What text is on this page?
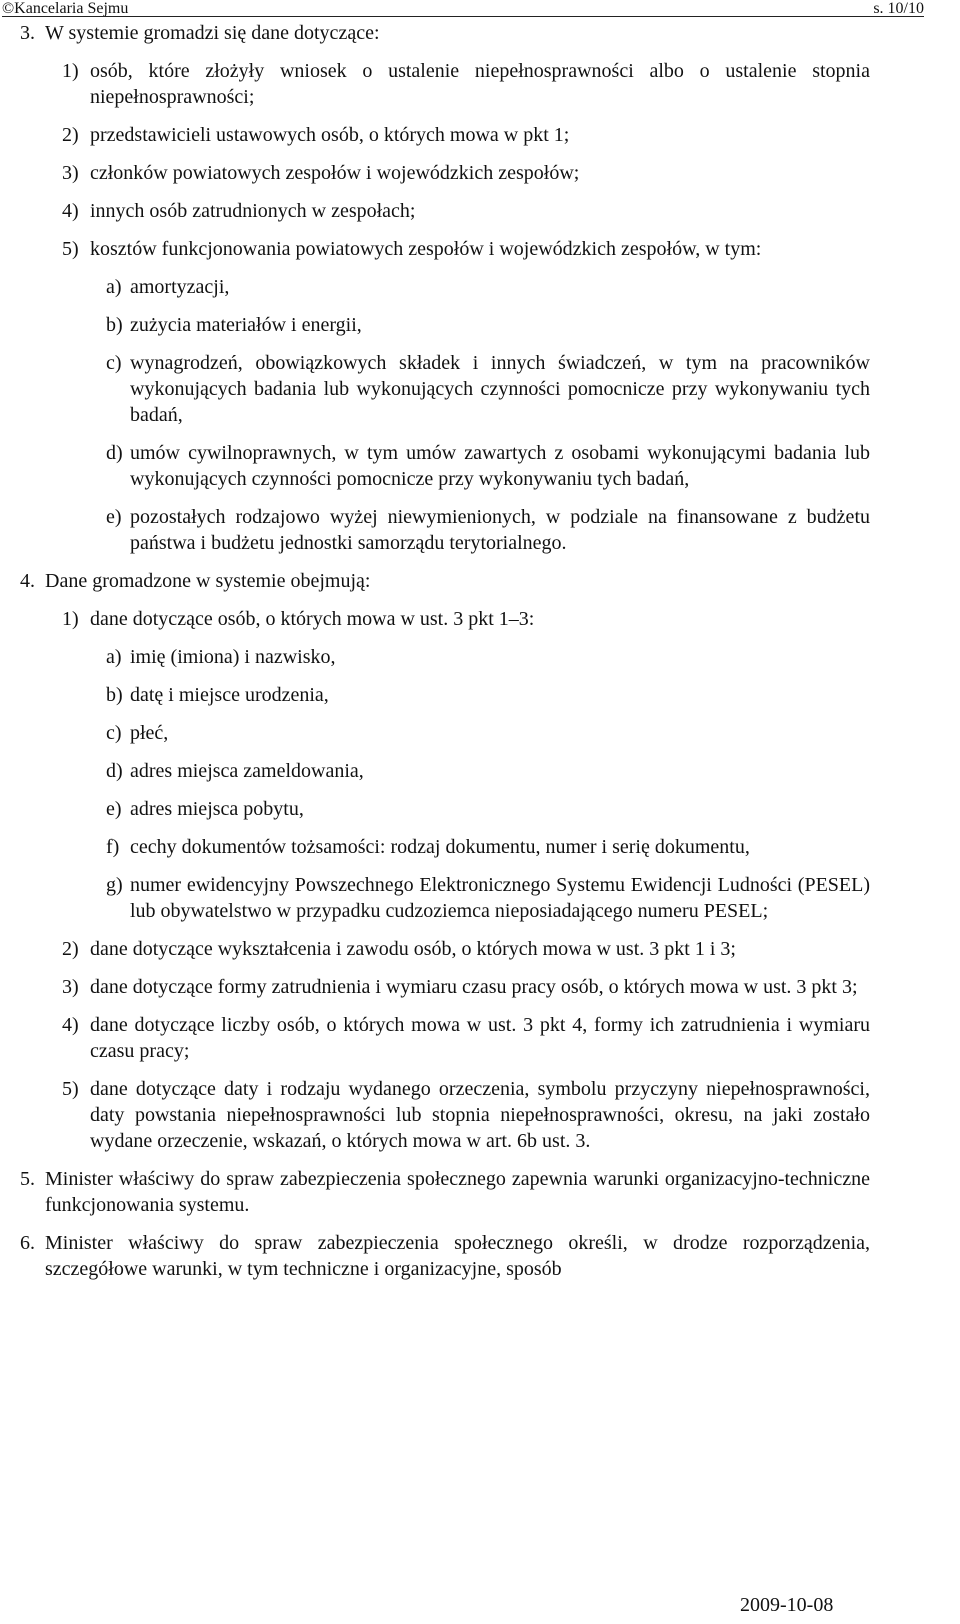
©Kancelaria Sejmu	s. 10/10
3. W systemie gromadzi się dane dotyczące:
1) osób, które złożyły wniosek o ustalenie niepełnosprawności albo o ustalenie stopnia niepełnosprawności;
2) przedstawicieli ustawowych osób, o których mowa w pkt 1;
3) członków powiatowych zespołów i wojewódzkich zespołów;
4) innych osób zatrudnionych w zespołach;
5) kosztów funkcjonowania powiatowych zespołów i wojewódzkich zespołów, w tym:
a) amortyzacji,
b) zużycia materiałów i energii,
c) wynagrodzeń, obowiązkowych składek i innych świadczeń, w tym na pracowników wykonujących badania lub wykonujących czynności pomocnicze przy wykonywaniu tych badań,
d) umów cywilnoprawnych, w tym umów zawartych z osobami wykonującymi badania lub wykonujących czynności pomocnicze przy wykonywaniu tych badań,
e) pozostałych rodzajowo wyżej niewymienionych, w podziale na finansowane z budżetu państwa i budżetu jednostki samorządu terytorialnego.
4. Dane gromadzone w systemie obejmują:
1) dane dotyczące osób, o których mowa w ust. 3 pkt 1–3:
a) imię (imiona) i nazwisko,
b) datę i miejsce urodzenia,
c) płeć,
d) adres miejsca zameldowania,
e) adres miejsca pobytu,
f) cechy dokumentów tożsamości: rodzaj dokumentu, numer i serię dokumentu,
g) numer ewidencyjny Powszechnego Elektronicznego Systemu Ewidencji Ludności (PESEL) lub obywatelstwo w przypadku cudzoziemca nieposiadającego numeru PESEL;
2) dane dotyczące wykształcenia i zawodu osób, o których mowa w ust. 3 pkt 1 i 3;
3) dane dotyczące formy zatrudnienia i wymiaru czasu pracy osób, o których mowa w ust. 3 pkt 3;
4) dane dotyczące liczby osób, o których mowa w ust. 3 pkt 4, formy ich zatrudnienia i wymiaru czasu pracy;
5) dane dotyczące daty i rodzaju wydanego orzeczenia, symbolu przyczyny niepełnosprawności, daty powstania niepełnosprawności lub stopnia niepełnosprawności, okresu, na jaki zostało wydane orzeczenie, wskazań, o których mowa w art. 6b ust. 3.
5. Minister właściwy do spraw zabezpieczenia społecznego zapewnia warunki organizacyjno-techniczne funkcjonowania systemu.
6. Minister właściwy do spraw zabezpieczenia społecznego określi, w drodze rozporządzenia, szczegółowe warunki, w tym techniczne i organizacyjne, sposób
2009-10-08
